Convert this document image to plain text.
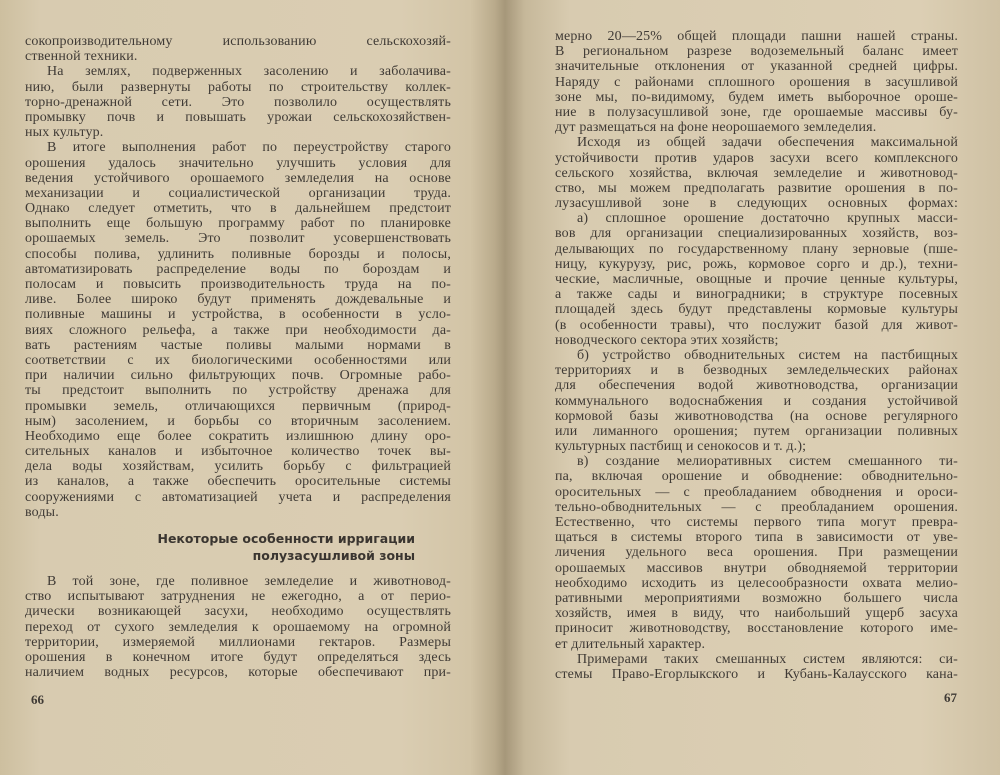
сокопроизводительному использованию сельскохозяй-
ственной техники.
На землях, подверженных засолению и заболачива-
нию, были развернуты работы по строительству коллек-
торно-дренажной сети. Это позволило осуществлять
промывку почв и повышать урожаи сельскохозяйствен-
ных культур.
В итоге выполнения работ по переустройству старого
орошения удалось значительно улучшить условия для
ведения устойчивого орошаемого земледелия на основе
механизации и социалистической организации труда.
Однако следует отметить, что в дальнейшем предстоит
выполнить еще большую программу работ по планировке
орошаемых земель. Это позволит усовершенствовать
способы полива, удлинить поливные борозды и полосы,
автоматизировать распределение воды по бороздам и
полосам и повысить производительность труда на по-
ливе. Более широко будут применять дождевальные и
поливные машины и устройства, в особенности в усло-
виях сложного рельефа, а также при необходимости да-
вать растениям частые поливы малыми нормами в
соответствии с их биологическими особенностями или
при наличии сильно фильтрующих почв. Огромные рабо-
ты предстоит выполнить по устройству дренажа для
промывки земель, отличающихся первичным (природ-
ным) засолением, и борьбы со вторичным засолением.
Необходимо еще более сократить излишнюю длину оро-
сительных каналов и избыточное количество точек вы-
дела воды хозяйствам, усилить борьбу с фильтрацией
из каналов, а также обеспечить оросительные системы
сооружениями с автоматизацией учета и распределения
воды.
Некоторые особенности ирригации
полузасушливой зоны
В той зоне, где поливное земледелие и животновод-
ство испытывают затруднения не ежегодно, а от перио-
дически возникающей засухи, необходимо осуществлять
переход от сухого земледелия к орошаемому на огромной
территории, измеряемой миллионами гектаров. Размеры
орошения в конечном итоге будут определяться здесь
наличием водных ресурсов, которые обеспечивают при-
66
мерно 20—25% общей площади пашни нашей страны.
В региональном разрезе водоземельный баланс имеет
значительные отклонения от указанной средней цифры.
Наряду с районами сплошного орошения в засушливой
зоне мы, по-видимому, будем иметь выборочное ороше-
ние в полузасушливой зоне, где орошаемые массивы бу-
дут размещаться на фоне неорошаемого земледелия.
Исходя из общей задачи обеспечения максимальной
устойчивости против ударов засухи всего комплексного
сельского хозяйства, включая земледелие и животновод-
ство, мы можем предполагать развитие орошения в по-
лузасушливой зоне в следующих основных формах:
а) сплошное орошение достаточно крупных масси-
вов для организации специализированных хозяйств, воз-
делывающих по государственному плану зерновые (пше-
ницу, кукурузу, рис, рожь, кормовое сорго и др.), техни-
ческие, масличные, овощные и прочие ценные культуры,
а также сады и виноградники; в структуре посевных
площадей здесь будут представлены кормовые культуры
(в особенности травы), что послужит базой для живот-
новодческого сектора этих хозяйств;
б) устройство обводнительных систем на пастбищных
территориях и в безводных земледельческих районах
для обеспечения водой животноводства, организации
коммунального водоснабжения и создания устойчивой
кормовой базы животноводства (на основе регулярного
или лиманного орошения; путем организации поливных
культурных пастбищ и сенокосов и т. д.);
в) создание мелиоративных систем смешанного ти-
па, включая орошение и обводнение: обводнительно-
оросительных — с преобладанием обводнения и ороси-
тельно-обводнительных — с преобладанием орошения.
Естественно, что системы первого типа могут превра-
щаться в системы второго типа в зависимости от уве-
личения удельного веса орошения. При размещении
орошаемых массивов внутри обводняемой территории
необходимо исходить из целесообразности охвата мелио-
ративными мероприятиями возможно большего числа
хозяйств, имея в виду, что наибольший ущерб засуха
приносит животноводству, восстановление которого име-
ет длительный характер.
Примерами таких смешанных систем являются: си-
стемы Право-Егорлыкского и Кубань-Калаусского кана-
67
